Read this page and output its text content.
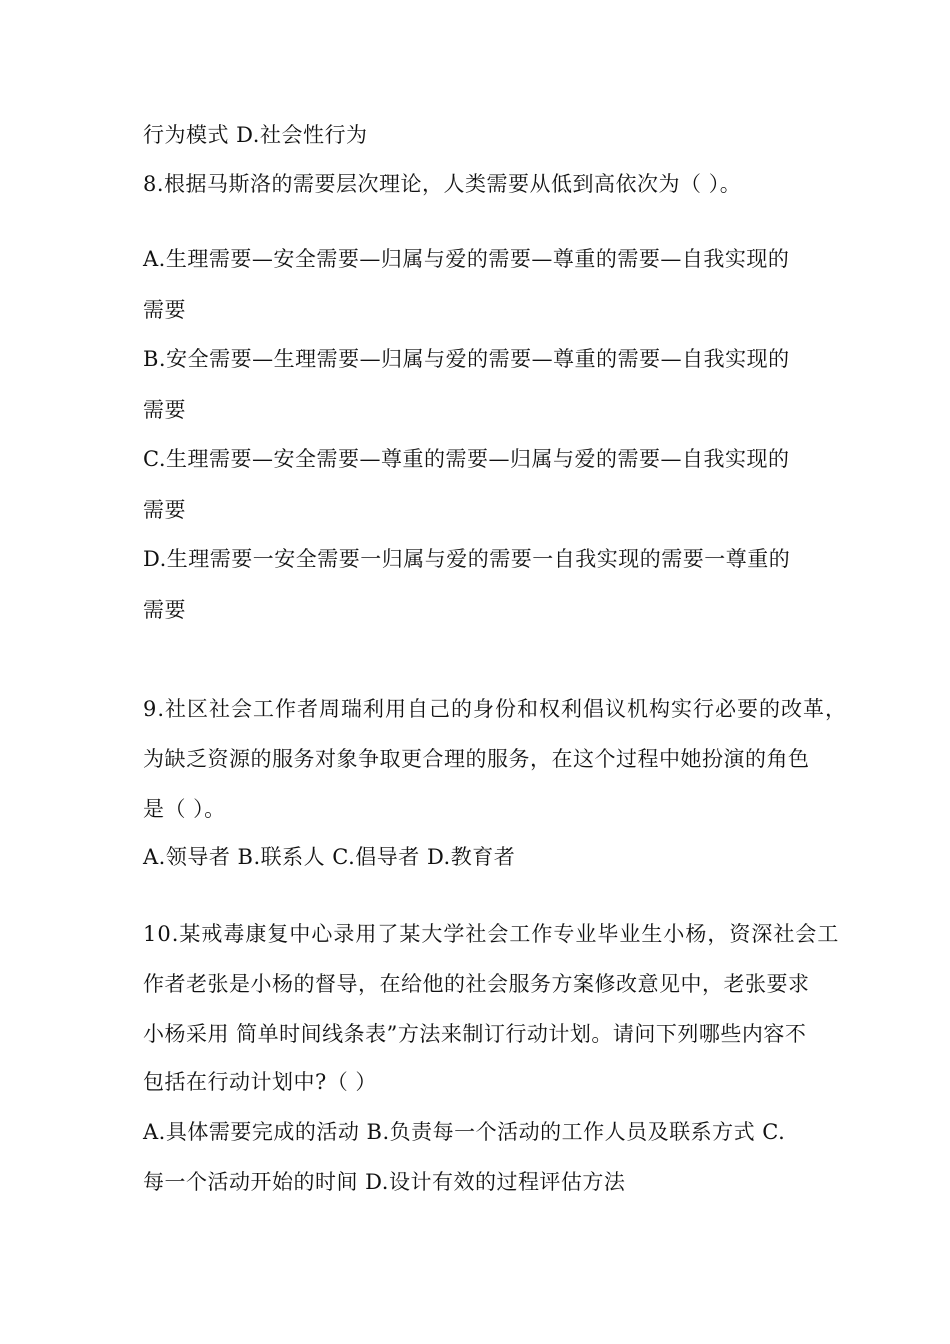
行为模式 D.社会性行为
8.根据马斯洛的需要层次理论，人类需要从低到高依次为（ ）。
A.生理需要—安全需要—归属与爱的需要—尊重的需要—自我实现的
需要
B.安全需要—生理需要—归属与爱的需要—尊重的需要—自我实现的
需要
C.生理需要—安全需要—尊重的需要—归属与爱的需要—自我实现的
需要
D.生理需要一安全需要一归属与爱的需要一自我实现的需要一尊重的
需要
9.社区社会工作者周瑞利用自己的身份和权利倡议机构实行必要的改革，
为缺乏资源的服务对象争取更合理的服务，在这个过程中她扮演的角色
是（ ）。
A.领导者 B.联系人 C.倡导者 D.教育者
10.某戒毒康复中心录用了某大学社会工作专业毕业生小杨，资深社会工
作者老张是小杨的督导，在给他的社会服务方案修改意见中，老张要求
小杨采用 简单时间线条表”方法来制订行动计划。请问下列哪些内容不
包括在行动计划中?（ ）
A.具体需要完成的活动 B.负责每一个活动的工作人员及联系方式 C.
每一个活动开始的时间 D.设计有效的过程评估方法
